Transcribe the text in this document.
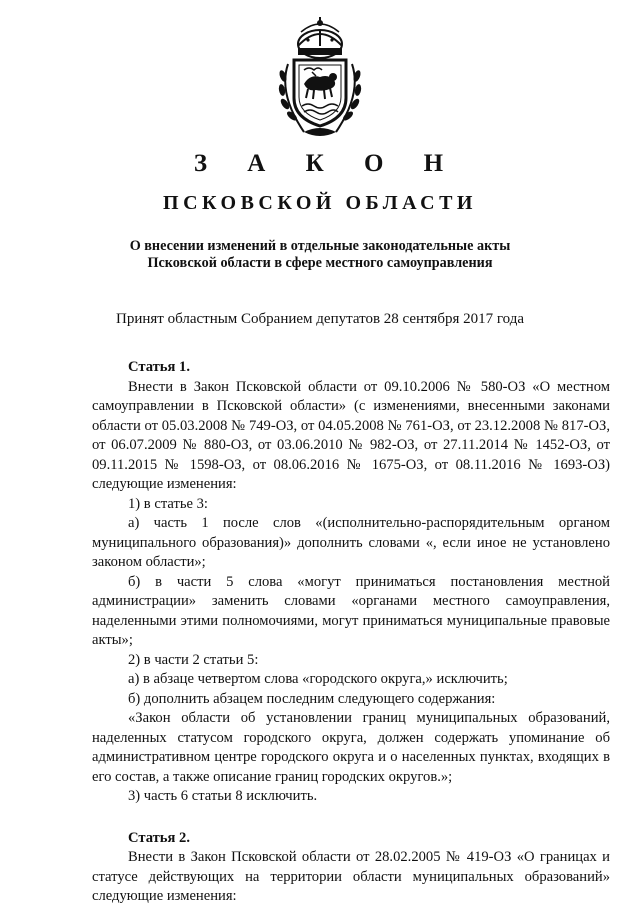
З А К О Н
ПСКОВСКОЙ ОБЛАСТИ
О внесении изменений в отдельные законодательные акты
Псковской области в сфере местного самоуправления
Принят областным Собранием депутатов 28 сентября 2017 года
Статья 1.
Внести в Закон Псковской области от 09.10.2006 № 580-ОЗ «О местном самоуправлении в Псковской области» (с изменениями, внесенными законами области от 05.03.2008 № 749-ОЗ, от 04.05.2008 № 761-ОЗ, от 23.12.2008 № 817-ОЗ, от 06.07.2009 № 880-ОЗ, от 03.06.2010 № 982-ОЗ, от 27.11.2014 № 1452-ОЗ, от 09.11.2015 № 1598-ОЗ, от 08.06.2016 № 1675-ОЗ, от 08.11.2016 № 1693-ОЗ) следующие изменения:
1) в статье 3:
а) часть 1 после слов «(исполнительно-распорядительным органом муниципального образования)» дополнить словами «, если иное не установлено законом области»;
б) в части 5 слова «могут приниматься постановления местной администрации» заменить словами «органами местного самоуправления, наделенными этими полномочиями, могут приниматься муниципальные правовые акты»;
2) в части 2 статьи 5:
а) в абзаце четвертом слова «городского округа,» исключить;
б) дополнить абзацем последним следующего содержания:
«Закон области об установлении границ муниципальных образований, наделенных статусом городского округа, должен содержать упоминание об административном центре городского округа и о населенных пунктах, входящих в его состав, а также описание границ городских округов.»;
3) часть 6 статьи 8 исключить.
Статья 2.
Внести в Закон Псковской области от 28.02.2005 № 419-ОЗ «О границах и статусе действующих на территории области муниципальных образований» следующие изменения:
